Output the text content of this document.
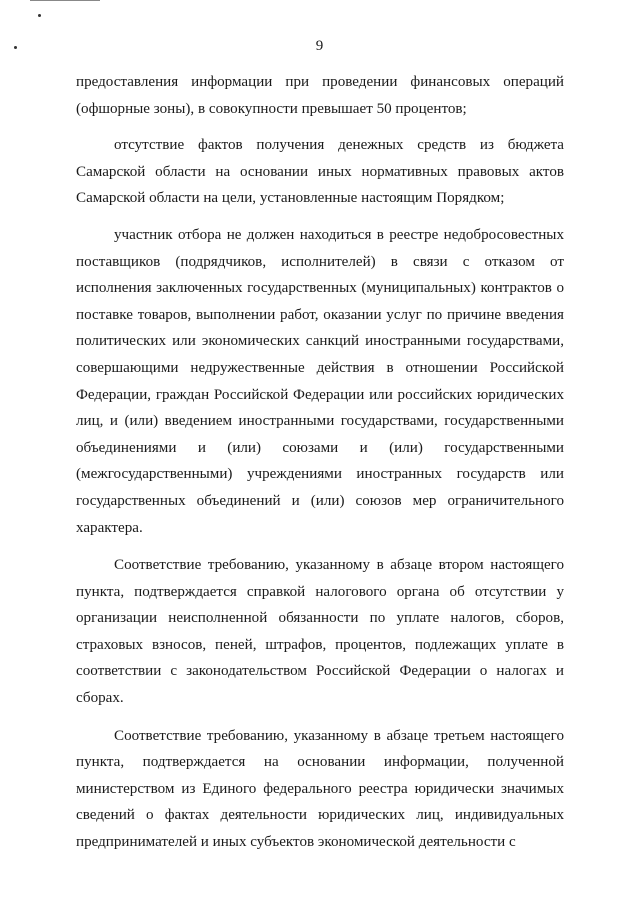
9

предоставления информации при проведении финансовых операций (офшорные зоны), в совокупности превышает 50 процентов;

отсутствие фактов получения денежных средств из бюджета Самарской области на основании иных нормативных правовых актов Самарской области на цели, установленные настоящим Порядком;

участник отбора не должен находиться в реестре недобросовестных поставщиков (подрядчиков, исполнителей) в связи с отказом от исполнения заключенных государственных (муниципальных) контрактов о поставке товаров, выполнении работ, оказании услуг по причине введения политических или экономических санкций иностранными государствами, совершающими недружественные действия в отношении Российской Федерации, граждан Российской Федерации или российских юридических лиц, и (или) введением иностранными государствами, государственными объединениями и (или) союзами и (или) государственными (межгосударственными) учреждениями иностранных государств или государственных объединений и (или) союзов мер ограничительного характера.

Соответствие требованию, указанному в абзаце втором настоящего пункта, подтверждается справкой налогового органа об отсутствии у организации неисполненной обязанности по уплате налогов, сборов, страховых взносов, пеней, штрафов, процентов, подлежащих уплате в соответствии с законодательством Российской Федерации о налогах и сборах.

Соответствие требованию, указанному в абзаце третьем настоящего пункта, подтверждается на основании информации, полученной министерством из Единого федерального реестра юридически значимых сведений о фактах деятельности юридических лиц, индивидуальных предпринимателей и иных субъектов экономической деятельности с
